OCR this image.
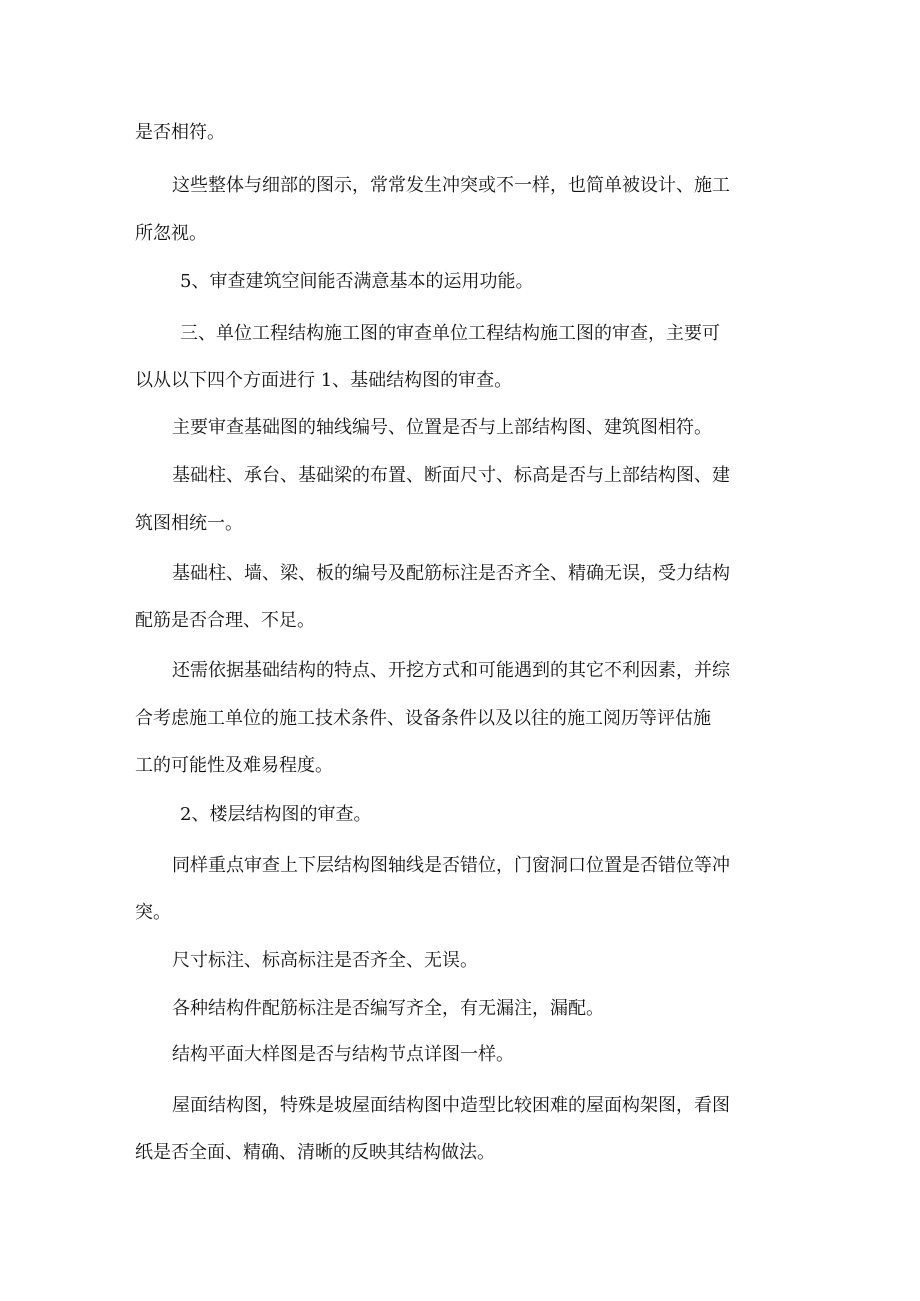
是否相符。
这些整体与细部的图示，常常发生冲突或不一样，也简单被设计、施工
所忽视。
5、审查建筑空间能否满意基本的运用功能。
三、单位工程结构施工图的审查单位工程结构施工图的审查，主要可
以从以下四个方面进行 1、基础结构图的审查。
主要审查基础图的轴线编号、位置是否与上部结构图、建筑图相符。
基础柱、承台、基础梁的布置、断面尺寸、标高是否与上部结构图、建
筑图相统一。
基础柱、墙、梁、板的编号及配筋标注是否齐全、精确无误，受力结构
配筋是否合理、不足。
还需依据基础结构的特点、开挖方式和可能遇到的其它不利因素，并综
合考虑施工单位的施工技术条件、设备条件以及以往的施工阅历等评估施
工的可能性及难易程度。
2、楼层结构图的审查。
同样重点审查上下层结构图轴线是否错位，门窗洞口位置是否错位等冲
突。
尺寸标注、标高标注是否齐全、无误。
各种结构件配筋标注是否编写齐全，有无漏注，漏配。
结构平面大样图是否与结构节点详图一样。
屋面结构图，特殊是坡屋面结构图中造型比较困难的屋面构架图，看图
纸是否全面、精确、清晰的反映其结构做法。
